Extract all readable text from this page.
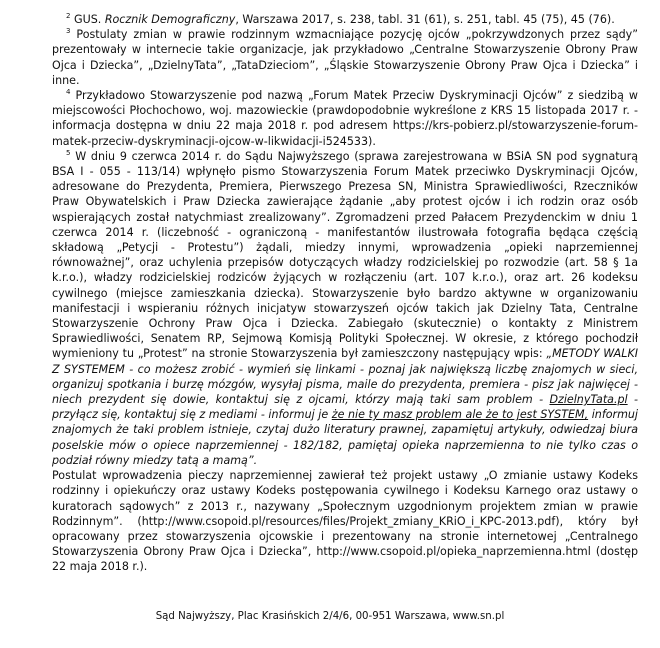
$^2$ GUS. Rocznik Demograficzny, Warszawa 2017, s. 238, tabl. 31 (61), s. 251, tabl. 45 (75), 45 (76).

$^3$ Postulaty zmian w prawie rodzinnym wzmacniające pozycję ojców „pokrzywdzonych przez sądy” prezentowały w internecie takie organizacje, jak przykładowo „Centralne Stowarzyszenie Obrony Praw Ojca i Dziecka”, „DzielnyTata”, „TataDzieciom”, „Śląskie Stowarzyszenie Obrony Praw Ojca i Dziecka” i inne.

$^4$ Przykładowo Stowarzyszenie pod nazwą „Forum Matek Przeciw Dyskryminacji Ojców” z siedzibą w miejscowości Płochochowo, woj. mazowieckie (prawdopodobnie wykreślone z KRS 15 listopada 2017 r. - informacja dostępna w dniu 22 maja 2018 r. pod adresem https://krs-pobierz.pl/stowarzyszenie-forum-matek-przeciw-dyskryminacji-ojcow-w-likwidacji-i524533).

$^5$ W dniu 9 czerwca 2014 r. do Sądu Najwyższego (sprawa zarejestrowana w BSiA SN pod sygnaturą BSA I - 055 - 113/14) wpłynęło pismo Stowarzyszenia Forum Matek przeciwko Dyskryminacji Ojców, adresowane do Prezydenta, Premiera, Pierwszego Prezesa SN, Ministra Sprawiedliwości, Rzeczników Praw Obywatelskich i Praw Dziecka zawierające żądanie „aby protest ojców i ich rodzin oraz osób wspierających został natychmiast zrealizowany”. Zgromadzeni przed Pałacem Prezydenckim w dniu 1 czerwca 2014 r. (liczebność - ograniczoną - manifestantów ilustrowała fotografia będąca częścią składową „Petycji - Protestu”) żądali, miedzy innymi, wprowadzenia „opieki naprzemiennej równoważnej”, oraz uchylenia przepisów dotyczących władzy rodzicielskiej po rozwodzie (art. 58 § 1a k.r.o.), władzy rodzicielskiej rodziców żyjących w rozłączeniu (art. 107 k.r.o.), oraz art. 26 kodeksu cywilnego (miejsce zamieszkania dziecka). Stowarzyszenie było bardzo aktywne w organizowaniu manifestacji i wspieraniu różnych inicjatyw stowarzyszeń ojców takich jak Dzielny Tata, Centralne Stowarzyszenie Ochrony Praw Ojca i Dziecka. Zabiegało (skutecznie) o kontakty z Ministrem Sprawiedliwości, Senatem RP, Sejmową Komisją Polityki Społecznej. W okresie, z którego pochodził wymieniony tu „Protest” na stronie Stowarzyszenia był zamieszczony następujący wpis: „METODY WALKI Z SYSTEMEM - co możesz zrobić - wymień się linkami - poznaj jak największą liczbę znajomych w sieci, organizuj spotkania i burzę mózgów, wysyłaj pisma, maile do prezydenta, premiera - pisz jak najwięcej - niech prezydent się dowie, kontaktuj się z ojcami, którzy mają taki sam problem - DzielnyTata.pl - przyłącz się, kontaktuj się z mediami - informuj je że nie ty masz problem ale że to jest SYSTEM, informuj znajomych że taki problem istnieje, czytaj dużo literatury prawnej, zapamiętuj artykuły, odwiedzaj biura poselskie mów o opiece naprzemiennej - 182/182, pamiętaj opieka naprzemienna to nie tylko czas o podział równy miedzy tatą a mamą”.

Postulat wprowadzenia pieczy naprzemiennej zawierał też projekt ustawy „O zmianie ustawy Kodeks rodzinny i opiekuńczy oraz ustawy Kodeks postępowania cywilnego i Kodeksu Karnego oraz ustawy o kuratorach sądowych” z 2013 r., nazywany „Społecznym uzgodnionym projektem zmian w prawie Rodzinnym”. (http://www.csopoid.pl/resources/files/Projekt_zmiany_KRiO_i_KPC-2013.pdf), który był opracowany przez stowarzyszenia ojcowskie i prezentowany na stronie internetowej „Centralnego Stowarzyszenia Obrony Praw Ojca i Dziecka”, http://www.csopoid.pl/opieka_naprzemienna.html (dostęp 22 maja 2018 r.).

Sąd Najwyższy, Plac Krasińskich 2/4/6, 00-951 Warszawa, www.sn.pl
